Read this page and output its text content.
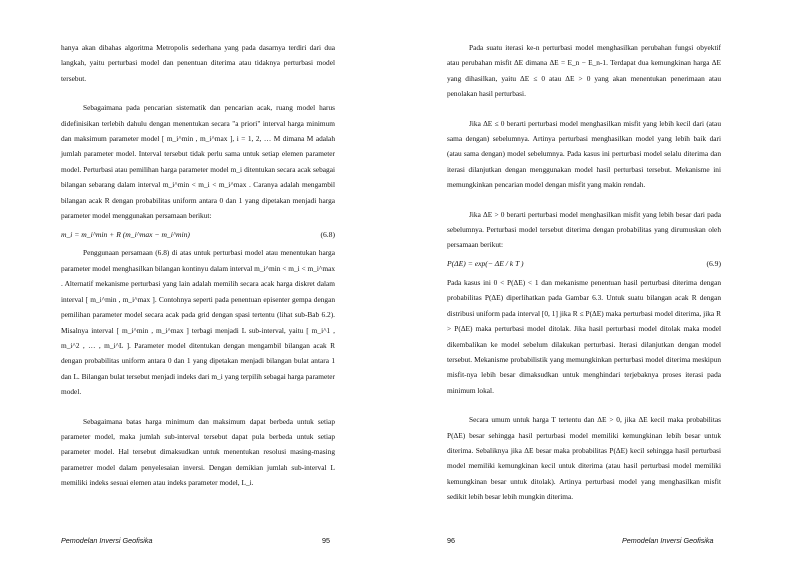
hanya akan dibahas algoritma Metropolis sederhana yang pada dasarnya terdiri dari dua langkah, yaitu perturbasi model dan penentuan diterima atau tidaknya perturbasi model tersebut.

Sebagaimana pada pencarian sistematik dan pencarian acak, ruang model harus didefinisikan terlebih dahulu dengan menentukan secara "a priori" interval harga minimum dan maksimum parameter model [ m_i^min , m_i^max ], i = 1, 2, … M dimana M adalah jumlah parameter model. Interval tersebut tidak perlu sama untuk setiap elemen parameter model. Perturbasi atau pemilihan harga parameter model m_i ditentukan secara acak sebagai bilangan sebarang dalam interval m_i^min < m_i < m_i^max . Caranya adalah mengambil bilangan acak R dengan probabilitas uniform antara 0 dan 1 yang dipetakan menjadi harga parameter model menggunakan persamaan berikut:

m_i = m_i^min + R (m_i^max − m_i^min)	(6.8)

Penggunaan persamaan (6.8) di atas untuk perturbasi model atau menentukan harga parameter model menghasilkan bilangan kontinyu dalam interval m_i^min < m_i < m_i^max . Alternatif mekanisme perturbasi yang lain adalah memilih secara acak harga diskret dalam interval [ m_i^min , m_i^max ]. Contohnya seperti pada penentuan episenter gempa dengan pemilihan parameter model secara acak pada grid dengan spasi tertentu (lihat sub-Bab 6.2). Misalnya interval [ m_i^min , m_i^max ] terbagi menjadi L sub-interval, yaitu [ m_i^1 , m_i^2 , … , m_i^L ]. Parameter model ditentukan dengan mengambil bilangan acak R dengan probabilitas uniform antara 0 dan 1 yang dipetakan menjadi bilangan bulat antara 1 dan L. Bilangan bulat tersebut menjadi indeks dari m_i yang terpilih sebagai harga parameter model.

Sebagaimana batas harga minimum dan maksimum dapat berbeda untuk setiap parameter model, maka jumlah sub-interval tersebut dapat pula berbeda untuk setiap parameter model. Hal tersebut dimaksudkan untuk menentukan resolusi masing-masing parametrer model dalam penyelesaian inversi. Dengan demikian jumlah sub-interval L memiliki indeks sesuai elemen atau indeks parameter model, L_i.

Pemodelan Inversi Geofisika	95

Pada suatu iterasi ke-n perturbasi model menghasilkan perubahan fungsi obyektif atau perubahan misfit ΔE dimana ΔE = E_n − E_n-1. Terdapat dua kemungkinan harga ΔE yang dihasilkan, yaitu ΔE ≤ 0 atau ΔE > 0 yang akan menentukan penerimaan atau penolakan hasil perturbasi.

Jika ΔE ≤ 0 berarti perturbasi model menghasilkan misfit yang lebih kecil dari (atau sama dengan) sebelumnya. Artinya perturbasi menghasilkan model yang lebih baik dari (atau sama dengan) model sebelumnya. Pada kasus ini perturbasi model selalu diterima dan iterasi dilanjutkan dengan menggunakan model hasil perturbasi tersebut. Mekanisme ini memungkinkan pencarian model dengan misfit yang makin rendah.

Jika ΔE > 0 berarti perturbasi model menghasilkan misfit yang lebih besar dari pada sebelumnya. Perturbasi model tersebut diterima dengan probabilitas yang dirumuskan oleh persamaan berikut:

P(ΔE) = exp(− ΔE / k T )	(6.9)

Pada kasus ini 0 < P(ΔE) < 1 dan mekanisme penentuan hasil perturbasi diterima dengan probabilitas P(ΔE) diperlihatkan pada Gambar 6.3. Untuk suatu bilangan acak R dengan distribusi uniform pada interval [0, 1] jika R ≤ P(ΔE) maka perturbasi model diterima, jika R > P(ΔE) maka perturbasi model ditolak. Jika hasil perturbasi model ditolak maka model dikembalikan ke model sebelum dilakukan perturbasi. Iterasi dilanjutkan dengan model tersebut. Mekanisme probabilistik yang memungkinkan perturbasi model diterima meskipun misfit-nya lebih besar dimaksudkan untuk menghindari terjebaknya proses iterasi pada minimum lokal.

Secara umum untuk harga T tertentu dan ΔE > 0, jika ΔE kecil maka probabilitas P(ΔE) besar sehingga hasil perturbasi model memiliki kemungkinan lebih besar untuk diterima. Sebaliknya jika ΔE besar maka probabilitas P(ΔE) kecil sehingga hasil perturbasi model memiliki kemungkinan kecil untuk diterima (atau hasil perturbasi model memiliki kemungkinan besar untuk ditolak). Artinya perturbasi model yang menghasilkan misfit sedikit lebih besar lebih mungkin diterima.

96	Pemodelan Inversi Geofisika
